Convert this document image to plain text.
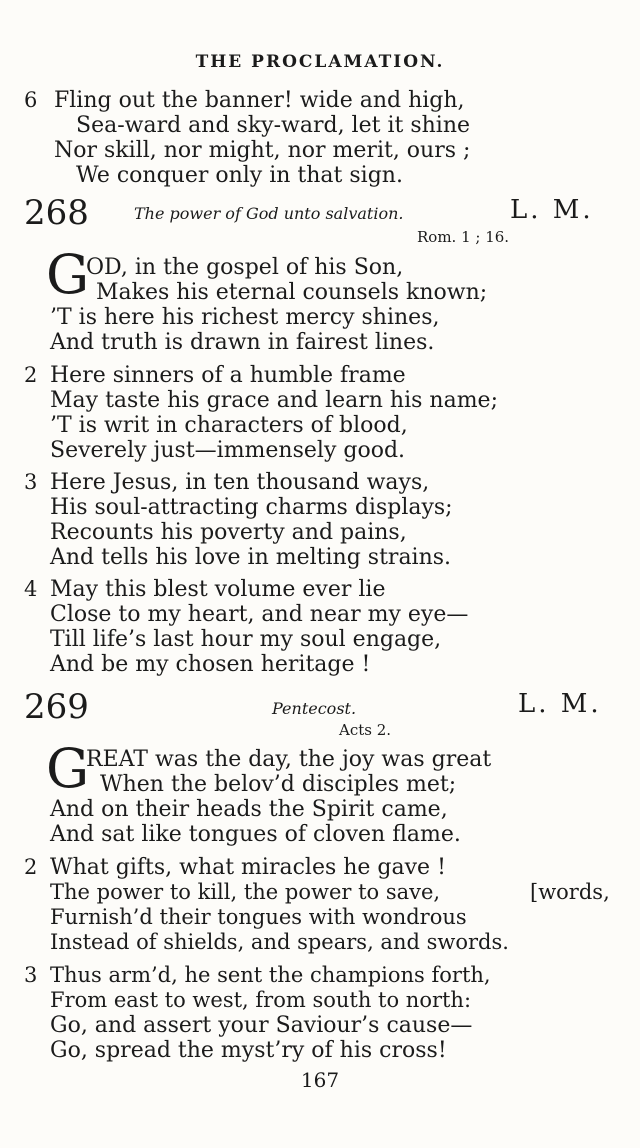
THE PROCLAMATION.
6 Fling out the banner! wide and high,
Sea-ward and sky-ward, let it shine
Nor skill, nor might, nor merit, ours ;
We conquer only in that sign.
268	The power of God unto salvation.	L. M.
Rom. 1 ; 16.
G
OD, in the gospel of his Son,
Makes his eternal counsels known;
’T is here his richest mercy shines,
And truth is drawn in fairest lines.
2 Here sinners of a humble frame
May taste his grace and learn his name;
’T is writ in characters of blood,
Severely just—immensely good.
3 Here Jesus, in ten thousand ways,
His soul-attracting charms displays;
Recounts his poverty and pains,
And tells his love in melting strains.
4 May this blest volume ever lie
Close to my heart, and near my eye—
Till life’s last hour my soul engage,
And be my chosen heritage !
269	Pentecost.	L. M.
Acts 2.
G
REAT was the day, the joy was great
When the belov’d disciples met;
And on their heads the Spirit came,
And sat like tongues of cloven flame.
2 What gifts, what miracles he gave !
The power to kill, the power to save,	[words,
Furnish’d their tongues with wondrous
Instead of shields, and spears, and swords.
3 Thus arm’d, he sent the champions forth,
From east to west, from south to north:
Go, and assert your Saviour’s cause—
Go, spread the myst’ry of his cross!
167
